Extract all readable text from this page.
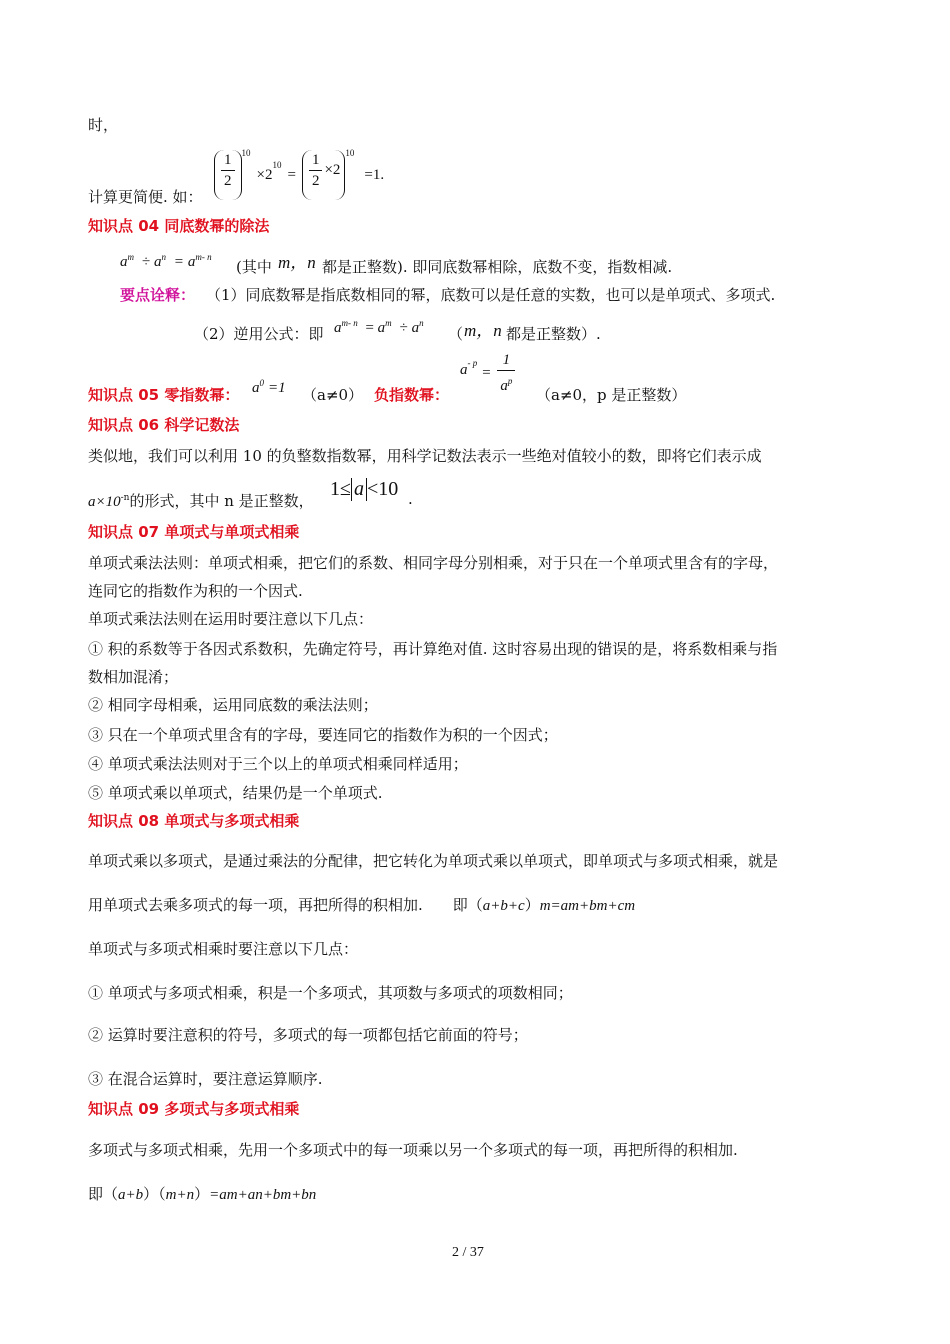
时，
计算更简便. 如：
$\frac{1}{2} ^{10}$
×2
$^{10}$
= $\frac{1}{2} \times 2$
$^{10}$
=1.
知识点 04 同底数幂的除法
$a^m \div a^n = a^{m- n}$
(其中 m，n 都是正整数). 即同底数幂相除，底数不变，指数相减.
要点诠释： （1）同底数幂是指底数相同的幂，底数可以是任意的实数，也可以是单项式、多项式.
（2）逆用公式：即 $a^{m- n} = a^m \div a^n$
（ m，n 都是正整数）.
知识点 05 零指数幂： $a^0 =1$ （a≠0） 负指数幂：
$a^{- p}$
= $\frac{1}{a^p} (a\ne 0$，p 是正整数）
知识点 06 科学记数法
类似地，我们可以利用 10 的负整数指数幂，用科学记数法表示一些绝对值较小的数，即将它们表示成
$a\times 10^{-n}$的形式，其中 n 是正整数，
1≤ a <10 .
知识点 07 单项式与单项式相乘
单项式乘法法则：单项式相乘，把它们的系数、相同字母分别相乘，对于只在一个单项式里含有的字母，
连同它的指数作为积的一个因式.
单项式乘法法则在运用时要注意以下几点：
① 积的系数等于各因式系数积，先确定符号，再计算绝对值. 这时容易出现的错误的是，将系数相乘与指
数相加混淆；
② 相同字母相乘，运用同底数的乘法法则；
③ 只在一个单项式里含有的字母，要连同它的指数作为积的一个因式；
④ 单项式乘法法则对于三个以上的单项式相乘同样适用；
⑤ 单项式乘以单项式，结果仍是一个单项式.
知识点 08 单项式与多项式相乘
单项式乘以多项式，是通过乘法的分配律，把它转化为单项式乘以单项式，即单项式与多项式相乘，就是
用单项式去乘多项式的每一项，再把所得的积相加. 即（a+b+c）m=am+bm+cm
单项式与多项式相乘时要注意以下几点：
① 单项式与多项式相乘，积是一个多项式，其项数与多项式的项数相同；
② 运算时要注意积的符号，多项式的每一项都包括它前面的符号；
③ 在混合运算时，要注意运算顺序.
知识点 09 多项式与多项式相乘
多项式与多项式相乘，先用一个多项式中的每一项乘以另一个多项式的每一项，再把所得的积相加.
即（a+b）（m+n）=am+an+bm+bn
2 / 37
